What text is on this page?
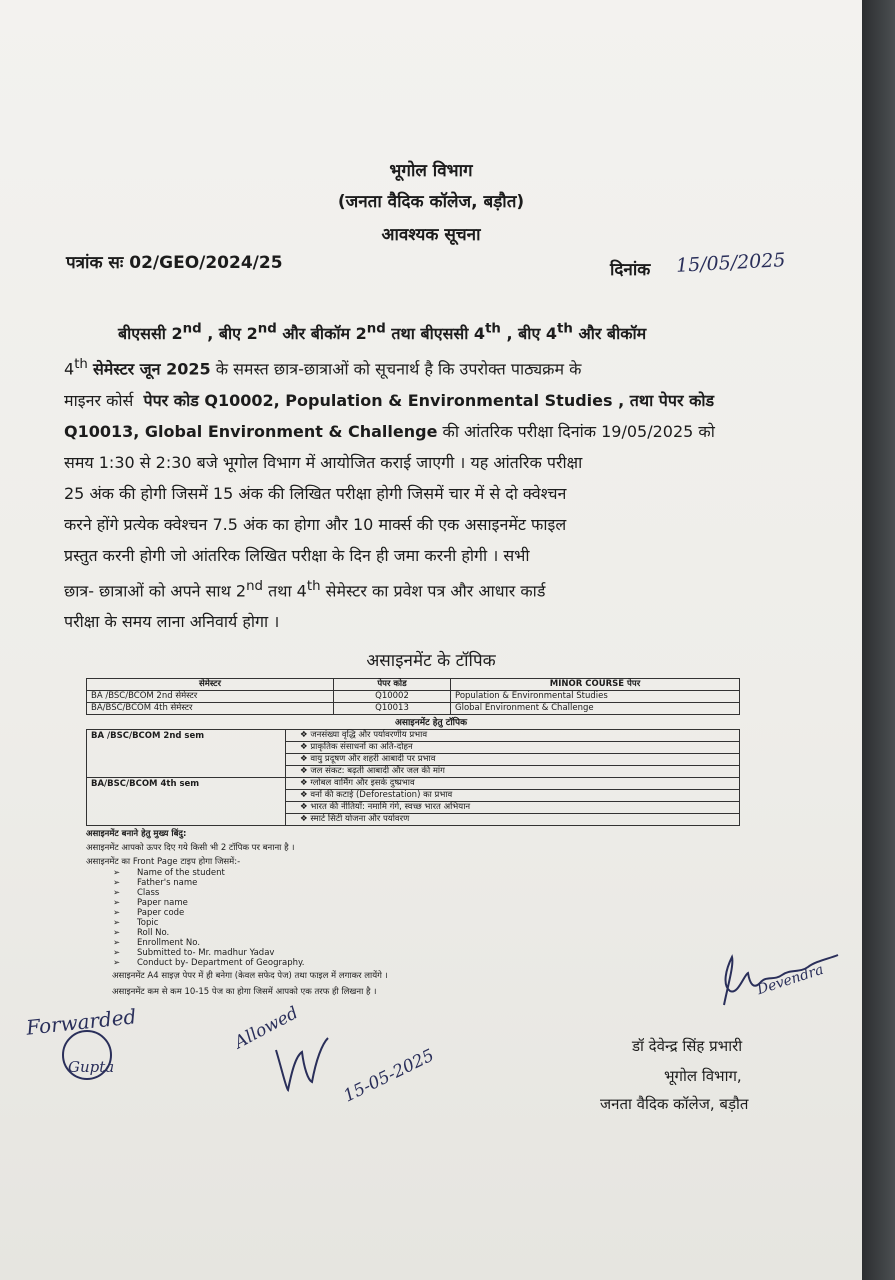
भूगोल विभाग
(जनता वैदिक कॉलेज, बड़ौत)
आवश्यक सूचना
पत्रांक सः 02/GEO/2024/25	दिनांक 15/05/2025
बीएससी 2nd , बीए 2nd और बीकॉम 2nd तथा बीएससी 4th , बीए 4th और बीकॉम
4th सेमेस्टर जून 2025 के समस्त छात्र-छात्राओं को सूचनार्थ है कि उपरोक्त पाठ्यक्रम के
माइनर कोर्स पेपर कोड Q10002, Population & Environmental Studies , तथा पेपर कोड
Q10013, Global Environment & Challenge की आंतरिक परीक्षा दिनांक 19/05/2025 को
समय 1:30 से 2:30 बजे भूगोल विभाग में आयोजित कराई जाएगी । यह आंतरिक परीक्षा
25 अंक की होगी जिसमें 15 अंक की लिखित परीक्षा होगी जिसमें चार में से दो क्वेश्चन
करने होंगे प्रत्येक क्वेश्चन 7.5 अंक का होगा और 10 मार्क्स की एक असाइनमेंट फाइल
प्रस्तुत करनी होगी जो आंतरिक लिखित परीक्षा के दिन ही जमा करनी होगी । सभी
छात्र- छात्राओं को अपने साथ 2nd तथा 4th सेमेस्टर का प्रवेश पत्र और आधार कार्ड
परीक्षा के समय लाना अनिवार्य होगा ।
असाइनमेंट के टॉपिक
सेमेस्टर	पेपर कोड	MINOR COURSE पेपर
BA /BSC/BCOM 2nd सेमेस्टर	Q10002	Population & Environmental Studies
BA/BSC/BCOM 4th सेमेस्टर	Q10013	Global Environment & Challenge
असाइनमेंट हेतु टॉपिक
BA /BSC/BCOM 2nd sem	❖ जनसंख्या वृद्धि और पर्यावरणीय प्रभाव
❖ प्राकृतिक संसाधनों का अति-दोहन
❖ वायु प्रदूषण और शहरी आबादी पर प्रभाव
❖ जल संकट: बढ़ती आबादी और जल की मांग

BA/BSC/BCOM 4th sem	❖ ग्लोबल वार्मिंग और इसके दुष्प्रभाव
❖ वनों की कटाई (Deforestation) का प्रभाव
❖ भारत की नीतियाँ: नमामि गंगे, स्वच्छ भारत अभियान
❖ स्मार्ट सिटी योजना और पर्यावरण
असाइनमेंट बनाने हेतु मुख्य बिंदु:
असाइनमेंट आपको ऊपर दिए गये किसी भी 2 टॉपिक पर बनाना है ।
असाइनमेंट का Front Page टाइप होगा जिसमें:-
➢ Name of the student
➢ Father's name
➢ Class
➢ Paper name
➢ Paper code
➢ Topic
➢ Roll No.
➢ Enrollment No.
➢ Submitted to- Mr. madhur Yadav
➢ Conduct by- Department of Geography.
असाइनमेंट A4 साइज़ पेपर में ही बनेगा (केवल सफेद पेज) तथा फाइल में लगाकर लायेंगे ।
असाइनमेंट कम से कम 10-15 पेज का होगा जिसमें आपको एक तरफ ही लिखना है ।
Forwarded
Gupta
Allowed
15-05-2025
Devendra
डॉ देवेन्द्र सिंह प्रभारी
भूगोल विभाग,
जनता वैदिक कॉलेज, बड़ौत
